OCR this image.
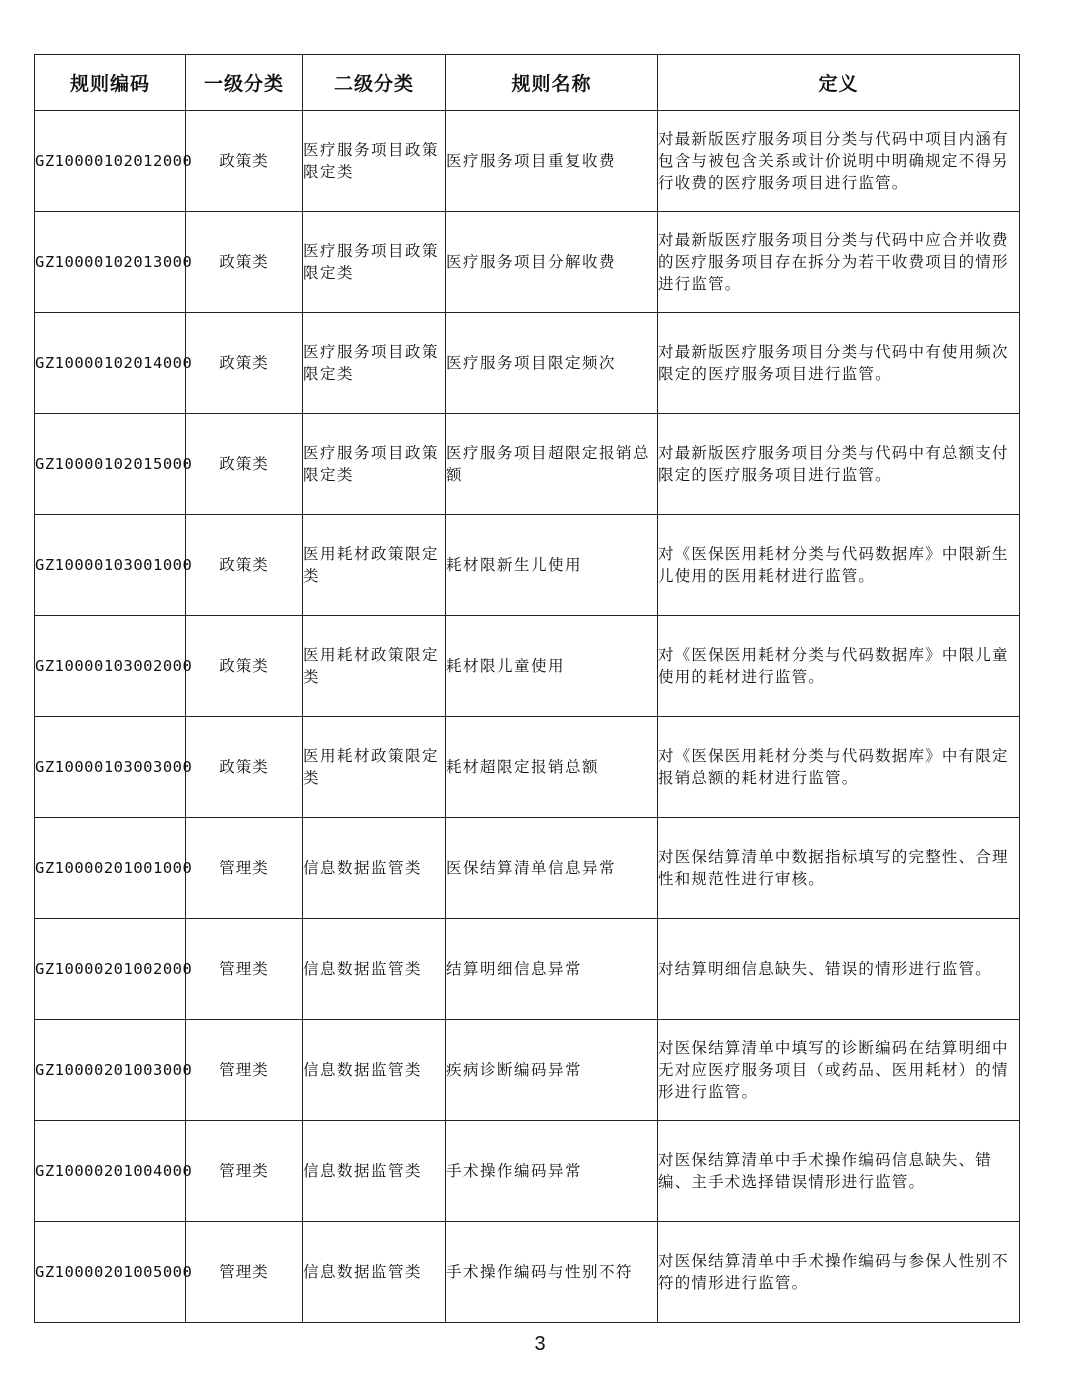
规则编码	一级分类	二级分类	规则名称	定义
GZ10000102012000	政策类	医疗服务项目政策限定类	医疗服务项目重复收费	对最新版医疗服务项目分类与代码中项目内涵有包含与被包含关系或计价说明中明确规定不得另行收费的医疗服务项目进行监管。
GZ10000102013000	政策类	医疗服务项目政策限定类	医疗服务项目分解收费	对最新版医疗服务项目分类与代码中应合并收费的医疗服务项目存在拆分为若干收费项目的情形进行监管。
GZ10000102014000	政策类	医疗服务项目政策限定类	医疗服务项目限定频次	对最新版医疗服务项目分类与代码中有使用频次限定的医疗服务项目进行监管。
GZ10000102015000	政策类	医疗服务项目政策限定类	医疗服务项目超限定报销总额	对最新版医疗服务项目分类与代码中有总额支付限定的医疗服务项目进行监管。
GZ10000103001000	政策类	医用耗材政策限定类	耗材限新生儿使用	对《医保医用耗材分类与代码数据库》中限新生儿使用的医用耗材进行监管。
GZ10000103002000	政策类	医用耗材政策限定类	耗材限儿童使用	对《医保医用耗材分类与代码数据库》中限儿童使用的耗材进行监管。
GZ10000103003000	政策类	医用耗材政策限定类	耗材超限定报销总额	对《医保医用耗材分类与代码数据库》中有限定报销总额的耗材进行监管。
GZ10000201001000	管理类	信息数据监管类	医保结算清单信息异常	对医保结算清单中数据指标填写的完整性、合理性和规范性进行审核。
GZ10000201002000	管理类	信息数据监管类	结算明细信息异常	对结算明细信息缺失、错误的情形进行监管。
GZ10000201003000	管理类	信息数据监管类	疾病诊断编码异常	对医保结算清单中填写的诊断编码在结算明细中无对应医疗服务项目（或药品、医用耗材）的情形进行监管。
GZ10000201004000	管理类	信息数据监管类	手术操作编码异常	对医保结算清单中手术操作编码信息缺失、错编、主手术选择错误情形进行监管。
GZ10000201005000	管理类	信息数据监管类	手术操作编码与性别不符	对医保结算清单中手术操作编码与参保人性别不符的情形进行监管。
3
